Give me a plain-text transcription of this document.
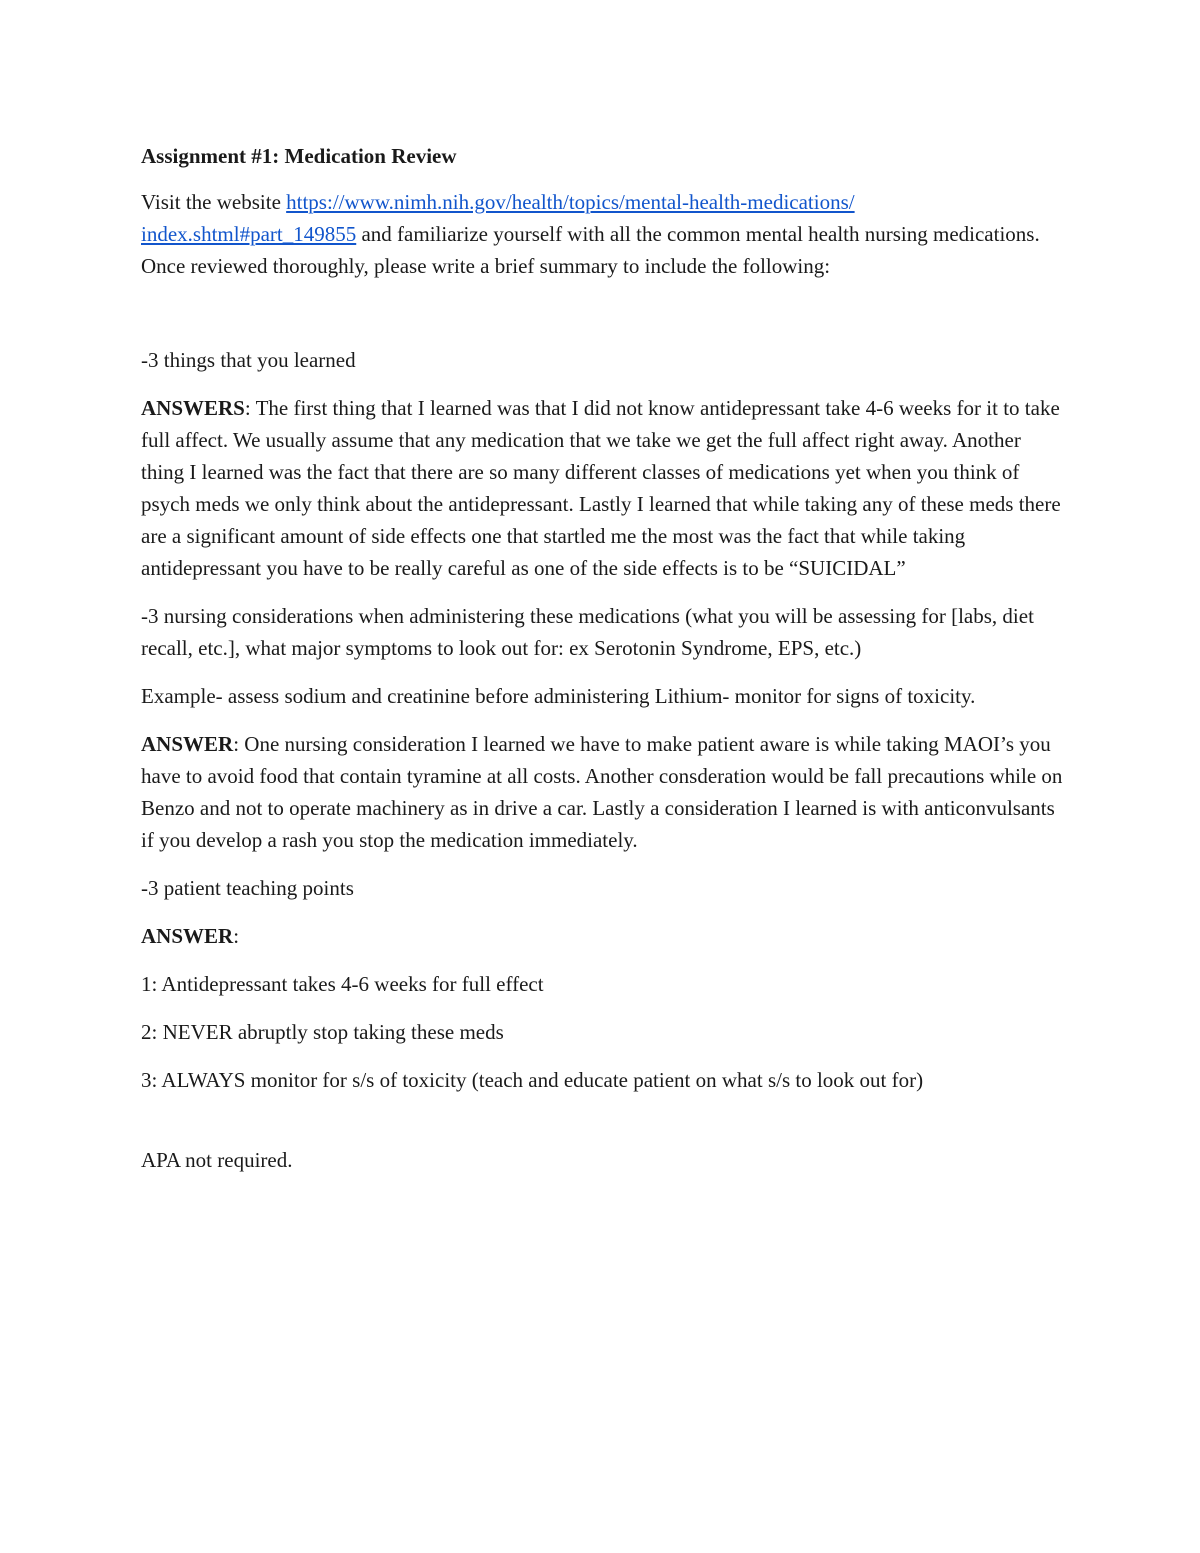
Assignment #1: Medication Review

Visit the website https://www.nimh.nih.gov/health/topics/mental-health-medications/
index.shtml#part_149855 and familiarize yourself with all the common mental health nursing medications. Once reviewed thoroughly, please write a brief summary to include the following:

-3 things that you learned

ANSWERS: The first thing that I learned was that I did not know antidepressant take 4-6 weeks for it to take full affect. We usually assume that any medication that we take we get the full affect right away. Another thing I learned was the fact that there are so many different classes of medications yet when you think of psych meds we only think about the antidepressant. Lastly I learned that while taking any of these meds there are a significant amount of side effects one that startled me the most was the fact that while taking antidepressant you have to be really careful as one of the side effects is to be “SUICIDAL”

-3 nursing considerations when administering these medications (what you will be assessing for [labs, diet recall, etc.], what major symptoms to look out for: ex Serotonin Syndrome, EPS, etc.)

Example- assess sodium and creatinine before administering Lithium- monitor for signs of toxicity.

ANSWER: One nursing consideration I learned we have to make patient aware is while taking MAOI’s you have to avoid food that contain tyramine at all costs. Another consderation would be fall precautions while on Benzo and not to operate machinery as in drive a car. Lastly a consideration I learned is with anticonvulsants if you develop a rash you stop the medication immediately.

-3 patient teaching points

ANSWER:

1: Antidepressant takes 4-6 weeks for full effect

2: NEVER abruptly stop taking these meds

3: ALWAYS monitor for s/s of toxicity (teach and educate patient on what s/s to look out for)

APA not required.
